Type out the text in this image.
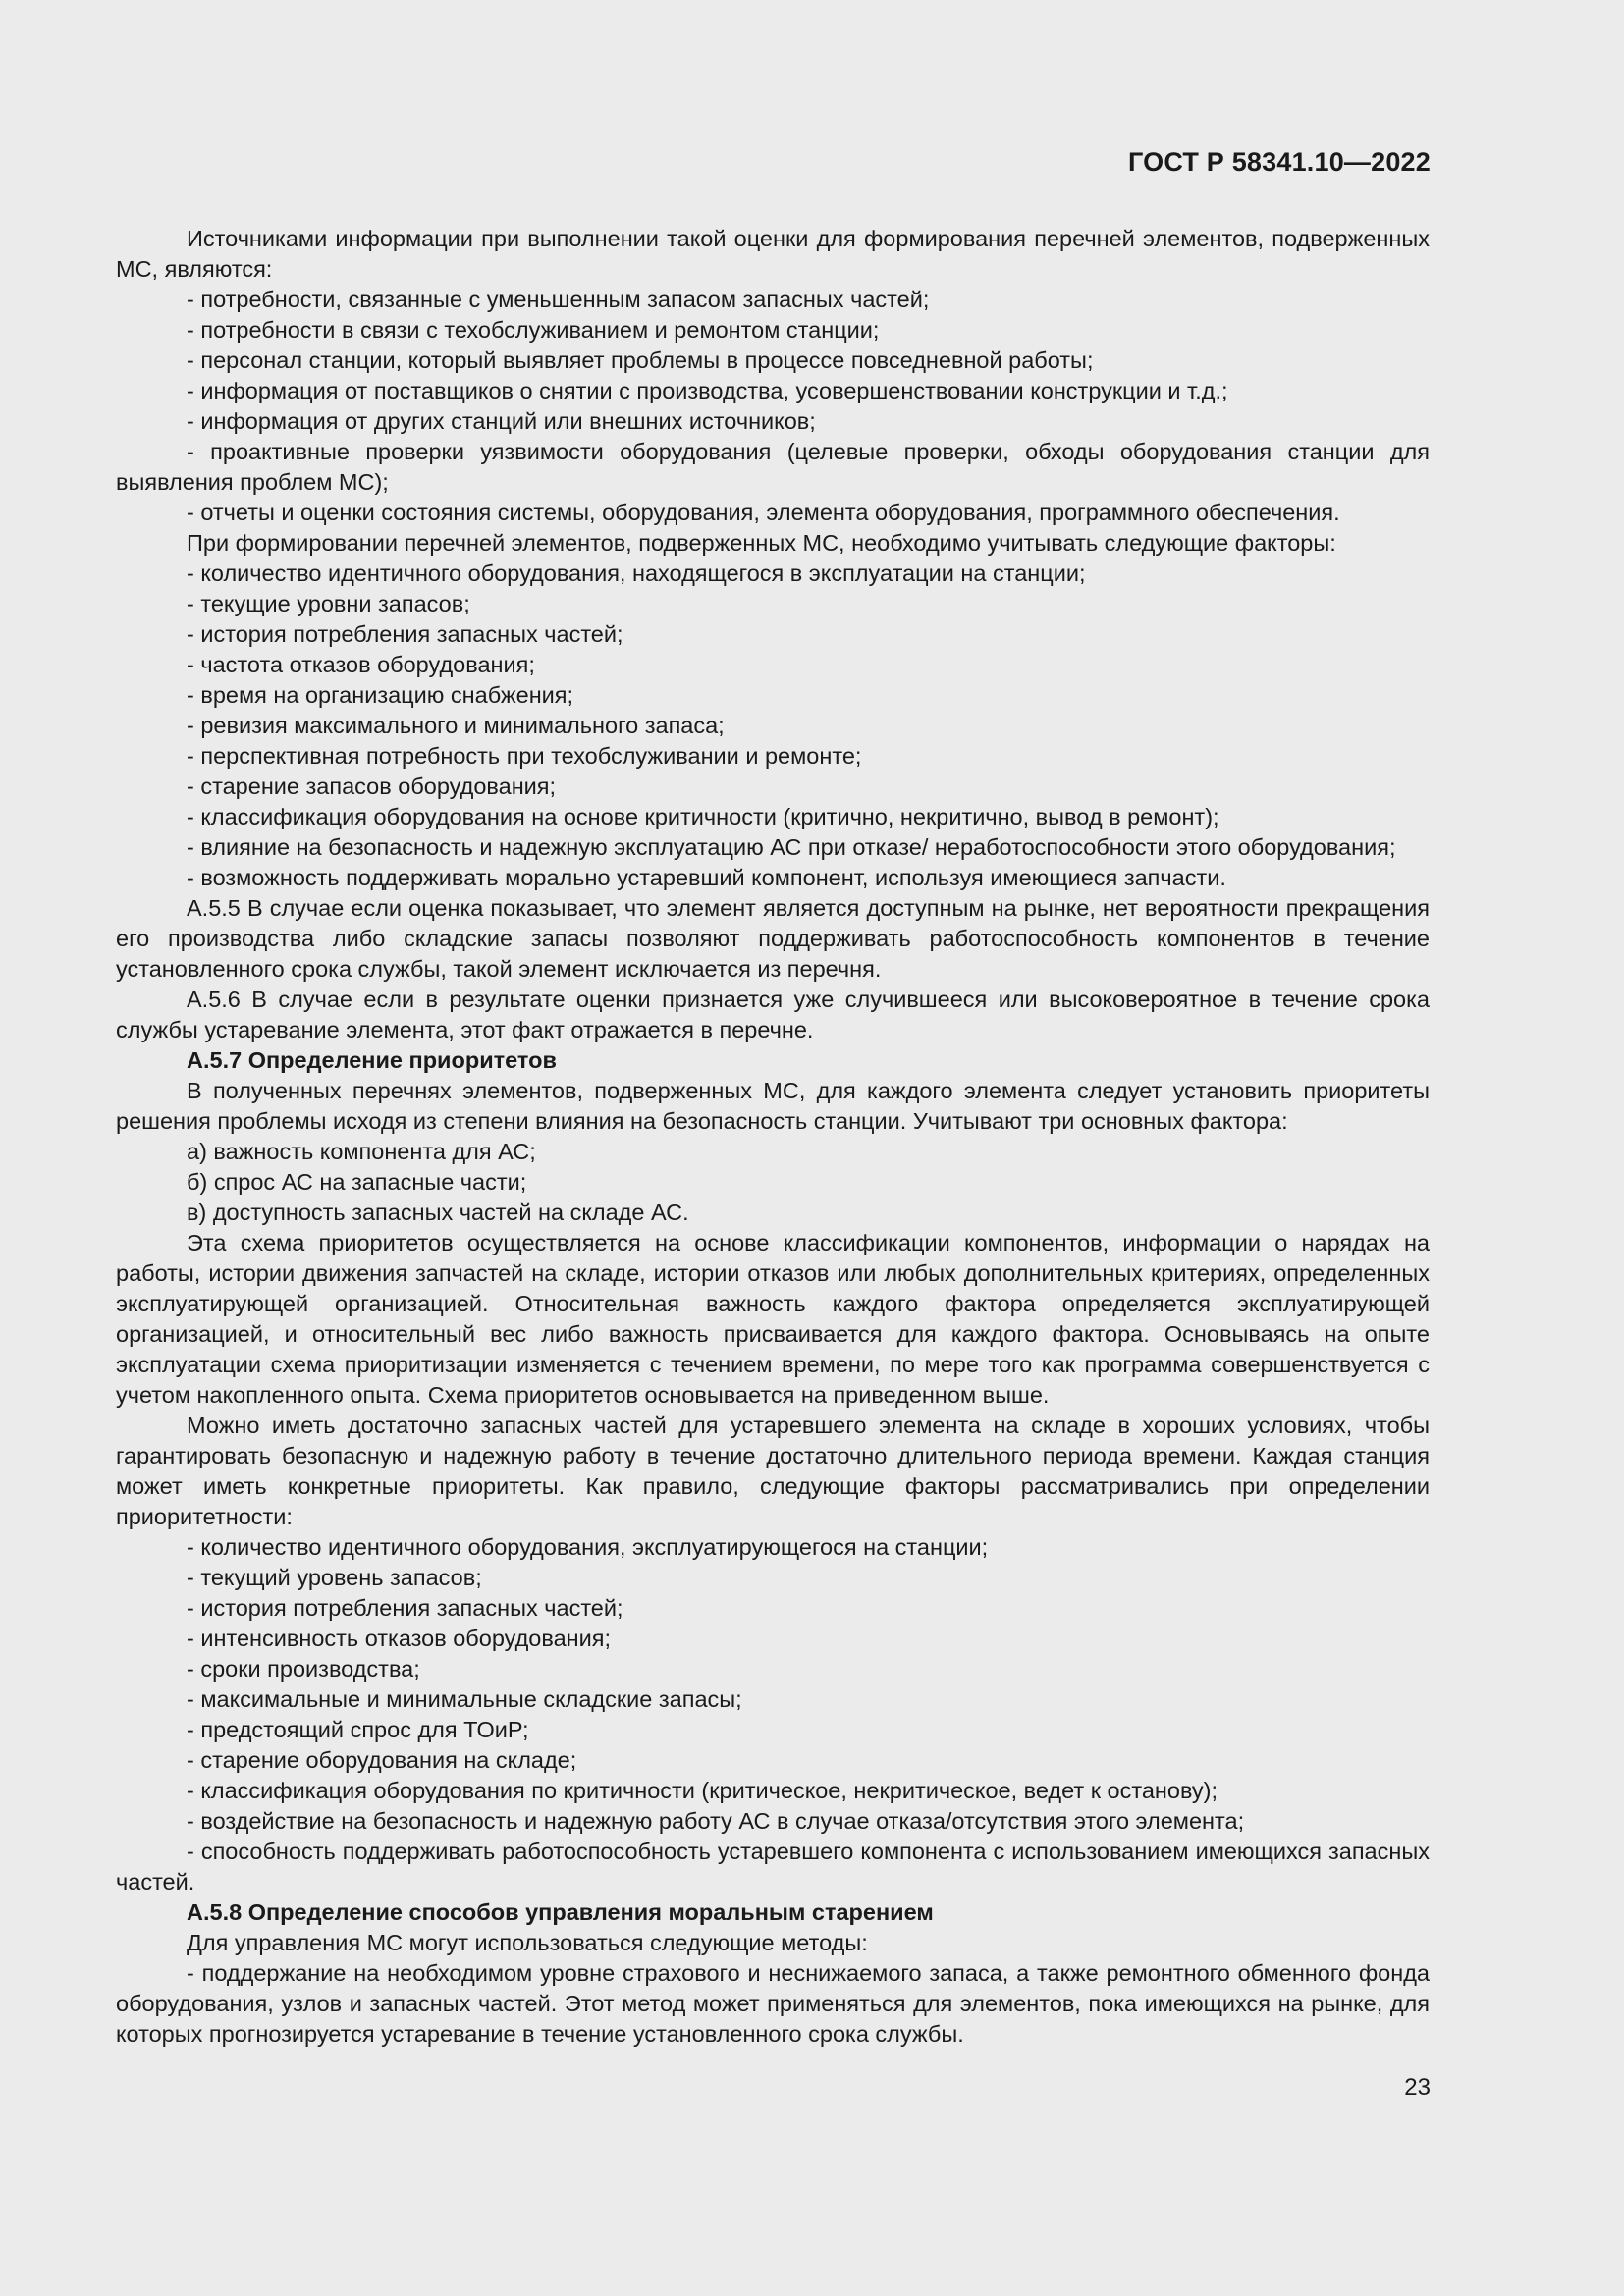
ГОСТ Р 58341.10—2022

Источниками информации при выполнении такой оценки для формирования перечней элементов, подверженных МС, являются:

- потребности, связанные с уменьшенным запасом запасных частей;

- потребности в связи с техобслуживанием и ремонтом станции;

- персонал станции, который выявляет проблемы в процессе повседневной работы;

- информация от поставщиков о снятии с производства, усовершенствовании конструкции и т.д.;

- информация от других станций или внешних источников;

- проактивные проверки уязвимости оборудования (целевые проверки, обходы оборудования станции для выявления проблем МС);

- отчеты и оценки состояния системы, оборудования, элемента оборудования, программного обеспечения.

При формировании перечней элементов, подверженных МС, необходимо учитывать следующие факторы:

- количество идентичного оборудования, находящегося в эксплуатации на станции;

- текущие уровни запасов;

- история потребления запасных частей;

- частота отказов оборудования;

- время на организацию снабжения;

- ревизия максимального и минимального запаса;

- перспективная потребность при техобслуживании и ремонте;

- старение запасов оборудования;

- классификация оборудования на основе критичности (критично, некритично, вывод в ремонт);

- влияние на безопасность и надежную эксплуатацию АС при отказе/ неработоспособности этого оборудования;

- возможность поддерживать морально устаревший компонент, используя имеющиеся запчасти.

А.5.5 В случае если оценка показывает, что элемент является доступным на рынке, нет вероятности прекращения его производства либо складские запасы позволяют поддерживать работоспособность компонентов в течение установленного срока службы, такой элемент исключается из перечня.

А.5.6 В случае если в результате оценки признается уже случившееся или высоковероятное в течение срока службы устаревание элемента, этот факт отражается в перечне.

А.5.7 Определение приоритетов

В полученных перечнях элементов, подверженных МС, для каждого элемента следует установить приоритеты решения проблемы исходя из степени влияния на безопасность станции. Учитывают три основных фактора:

а) важность компонента для АС;

б) спрос АС на запасные части;

в) доступность запасных частей на складе АС.

Эта схема приоритетов осуществляется на основе классификации компонентов, информации о нарядах на работы, истории движения запчастей на складе, истории отказов или любых дополнительных критериях, определенных эксплуатирующей организацией. Относительная важность каждого фактора определяется эксплуатирующей организацией, и относительный вес либо важность присваивается для каждого фактора. Основываясь на опыте эксплуатации схема приоритизации изменяется с течением времени, по мере того как программа совершенствуется с учетом накопленного опыта. Схема приоритетов основывается на приведенном выше.

Можно иметь достаточно запасных частей для устаревшего элемента на складе в хороших условиях, чтобы гарантировать безопасную и надежную работу в течение достаточно длительного периода времени. Каждая станция может иметь конкретные приоритеты. Как правило, следующие факторы рассматривались при определении приоритетности:

- количество идентичного оборудования, эксплуатирующегося на станции;

- текущий уровень запасов;

- история потребления запасных частей;

- интенсивность отказов оборудования;

- сроки производства;

- максимальные и минимальные складские запасы;

- предстоящий спрос для ТОиР;

- старение оборудования на складе;

- классификация оборудования по критичности (критическое, некритическое, ведет к останову);

- воздействие на безопасность и надежную работу АС в случае отказа/отсутствия этого элемента;

- способность поддерживать работоспособность устаревшего компонента с использованием имеющихся запасных частей.

А.5.8 Определение способов управления моральным старением

Для управления МС могут использоваться следующие методы:

- поддержание на необходимом уровне страхового и неснижаемого запаса, а также ремонтного обменного фонда оборудования, узлов и запасных частей. Этот метод может применяться для элементов, пока имеющихся на рынке, для которых прогнозируется устаревание в течение установленного срока службы.

23
